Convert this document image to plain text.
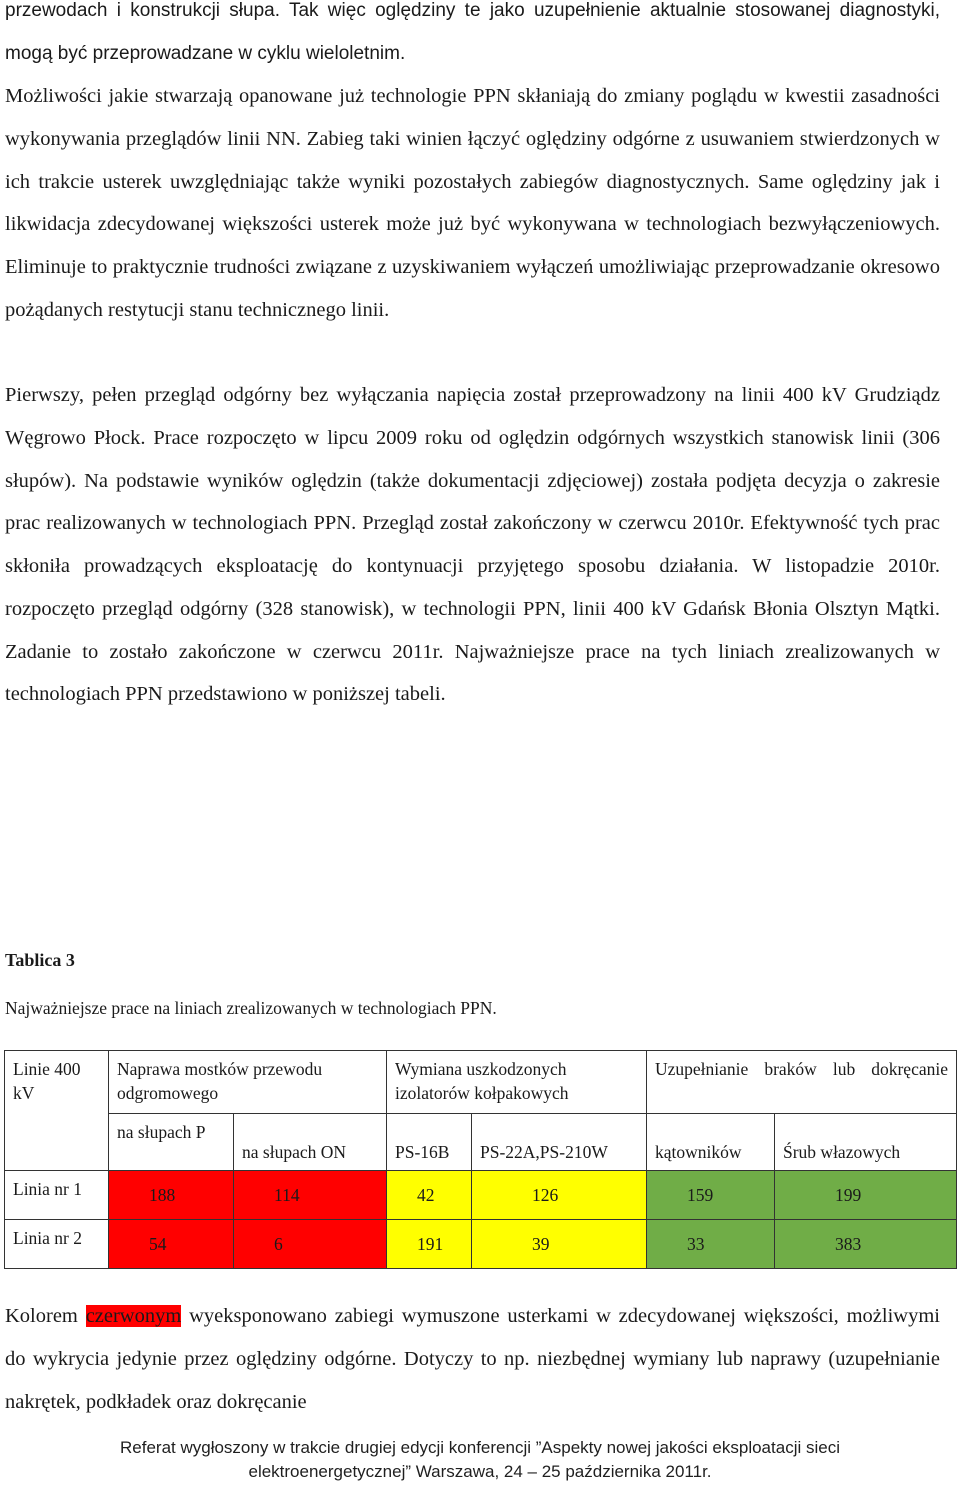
przewodach i konstrukcji słupa. Tak więc oględziny te jako uzupełnienie aktualnie stosowanej diagnostyki, mogą być przeprowadzane w cyklu wieloletnim.

Możliwości jakie stwarzają opanowane już technologie PPN skłaniają do zmiany poglądu w kwestii zasadności wykonywania przeglądów linii NN. Zabieg taki winien łączyć oględziny odgórne z usuwaniem stwierdzonych w ich trakcie usterek uwzględniając także wyniki pozostałych zabiegów diagnostycznych. Same oględziny jak i likwidacja zdecydowanej większości usterek może już być wykonywana w technologiach bezwyłączeniowych. Eliminuje to praktycznie trudności związane z uzyskiwaniem wyłączeń umożliwiając przeprowadzanie okresowo pożądanych restytucji stanu technicznego linii.

Pierwszy, pełen przegląd odgórny bez wyłączania napięcia został przeprowadzony na linii 400 kV Grudziądz Węgrowo Płock. Prace rozpoczęto w lipcu 2009 roku od oględzin odgórnych wszystkich stanowisk linii (306 słupów). Na podstawie wyników oględzin (także dokumentacji zdjęciowej) została podjęta decyzja o zakresie prac realizowanych w technologiach PPN. Przegląd został zakończony w czerwcu 2010r. Efektywność tych prac skłoniła prowadzących eksploatację do kontynuacji przyjętego sposobu działania. W listopadzie 2010r. rozpoczęto przegląd odgórny (328 stanowisk), w technologii PPN, linii 400 kV Gdańsk Błonia Olsztyn Mątki. Zadanie to zostało zakończone w czerwcu 2011r. Najważniejsze prace na tych liniach zrealizowanych w technologiach PPN przedstawiono w poniższej tabeli.

Tablica 3

Najważniejsze prace na liniach zrealizowanych w technologiach PPN.

Linie 400 kV	Naprawa mostków przewodu odgromowego		Wymiana uszkodzonych izolatorów kołpakowych		Uzupełnianie braków lub dokręcanie	
	na słupach P	na słupach ON	PS-16B	PS-22A,PS-210W	kątowników	Śrub włazowych
Linia nr 1	188	114	42	126	159	199
Linia nr 2	54	6	191	39	33	383

Kolorem czerwonym wyeksponowano zabiegi wymuszone usterkami w zdecydowanej większości, możliwymi do wykrycia jedynie przez oględziny odgórne. Dotyczy to np. niezbędnej wymiany lub naprawy (uzupełnianie nakrętek, podkładek oraz dokręcanie

Referat wygłoszony w trakcie drugiej edycji konferencji ”Aspekty nowej jakości eksploatacji sieci
elektroenergetycznej” Warszawa, 24 – 25 października 2011r.
